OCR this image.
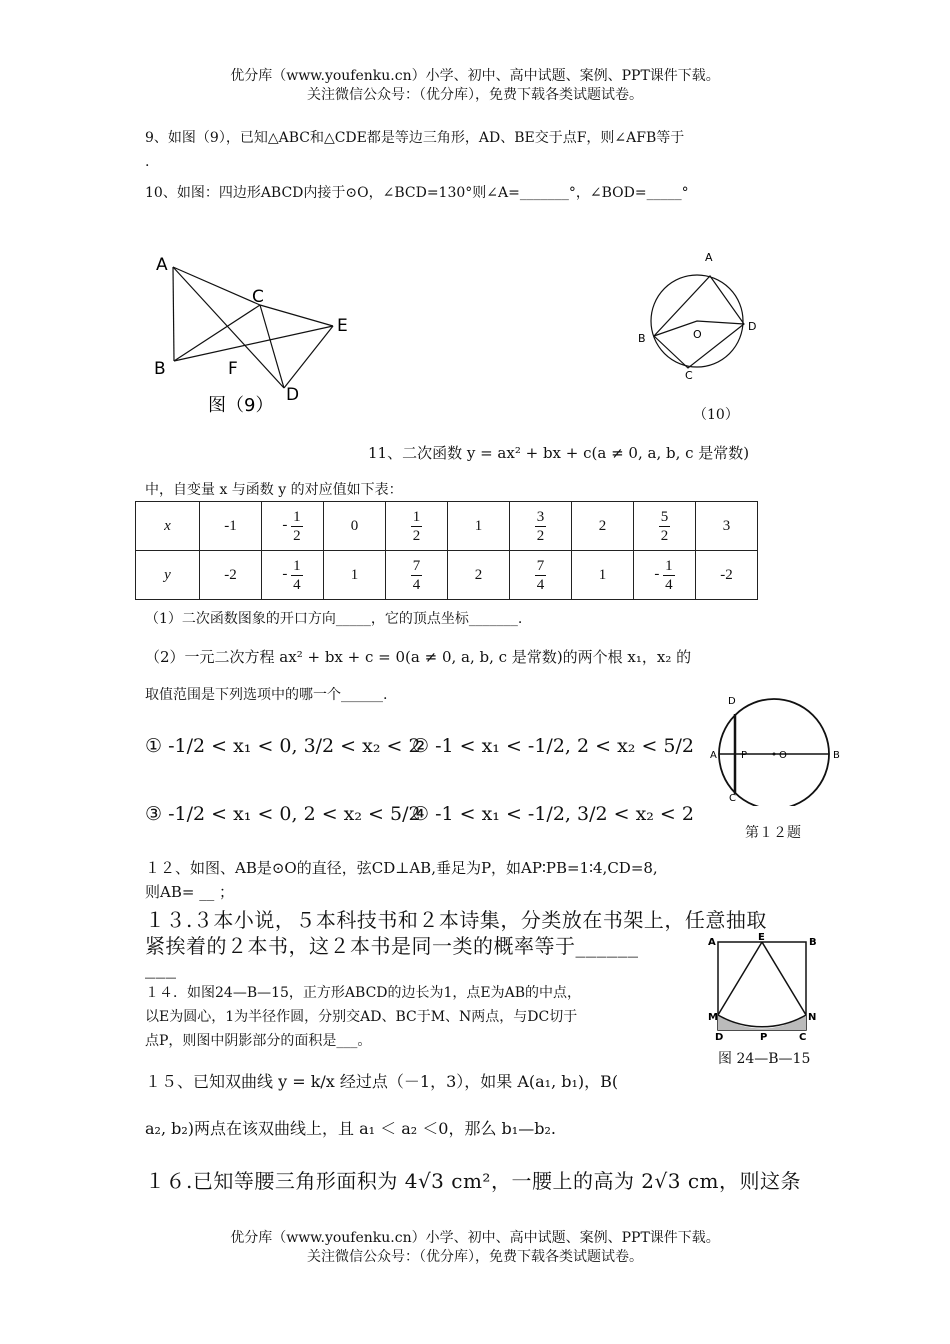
优分库（www.youfenku.cn）小学、初中、高中试题、案例、PPT课件下载。
关注微信公众号：（优分库），免费下载各类试题试卷。
9、如图（9），已知△ABC和△CDE都是等边三角形，AD、BE交于点F，则∠AFB等于
.
10、如图：四边形ABCD内接于⊙O，∠BCD=130°则∠A=_______°，∠BOD=_____°
A
B
C
D
E
F
图（9）
A
B
C
D
O
（10）
11、二次函数 y = ax² + bx + c(a ≠ 0, a, b, c 是常数)
中，自变量 x 与函数 y 的对应值如下表：
x	-1	- $\frac{1}{2}$	0	$\frac{1}{2}$	1	$\frac{3}{2}$	2	$\frac{5}{2}$	3
y	-2	- $\frac{1}{4}$	1	$\frac{7}{4}$	2	$\frac{7}{4}$	1	- $\frac{1}{4}$	-2
（1）二次函数图象的开口方向_____，它的顶点坐标_______.
（2）一元二次方程 ax² + bx + c = 0(a ≠ 0, a, b, c 是常数)的两个根 x₁，x₂ 的
取值范围是下列选项中的哪一个______.
① -1/2 < x₁ < 0, 3/2 < x₂ < 2
② -1 < x₁ < -1/2, 2 < x₂ < 5/2
③ -1/2 < x₁ < 0, 2 < x₂ < 5/2
④ -1 < x₁ < -1/2, 3/2 < x₂ < 2
A	B
D
C
P	O
第１２题
１２、如图、AB是⊙O的直径，弦CD⊥AB,垂足为P，如AP∶PB=1∶4,CD=8,
则AB= __ ；
１３.３本小说，５本科技书和２本诗集，分类放在书架上，任意抽取
紧挨着的２本书，这２本书是同一类的概率等于______
___
１４．如图24—B—15，正方形ABCD的边长为1，点E为AB的中点，
以E为圆心，1为半径作圆，分别交AD、BC于M、N两点，与DC切于
点P，则图中阴影部分的面积是___。
A	B
E
M	N
D	C
P
图 24—B—15
１５、已知双曲线 y = k/x 经过点（－1，3），如果 A(a₁, b₁)，B(
a₂, b₂)两点在该双曲线上，且 a₁ ＜ a₂ ＜0，那么 b₁—b₂.
１６.已知等腰三角形面积为 4√3 cm²，一腰上的高为 2√3 cm，则这条
优分库（www.youfenku.cn）小学、初中、高中试题、案例、PPT课件下载。
关注微信公众号：（优分库），免费下载各类试题试卷。
